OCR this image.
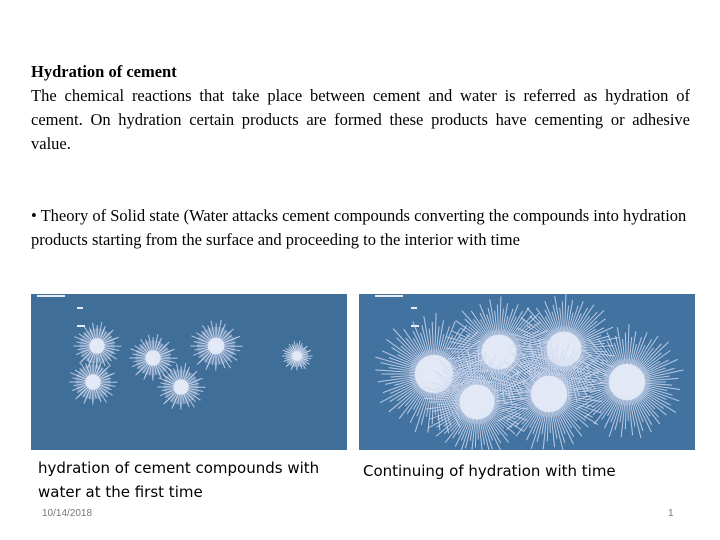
Hydration of cement
The chemical reactions that take place between cement and water is referred as hydration of cement. On hydration certain products are formed these products have cementing or adhesive value.
• Theory of Solid state (Water attacks cement compounds converting the compounds into hydration products starting from the surface and proceeding to the interior with time
hydration of cement compounds with water at the first time
Continuing of hydration with time
10/14/2018	1
